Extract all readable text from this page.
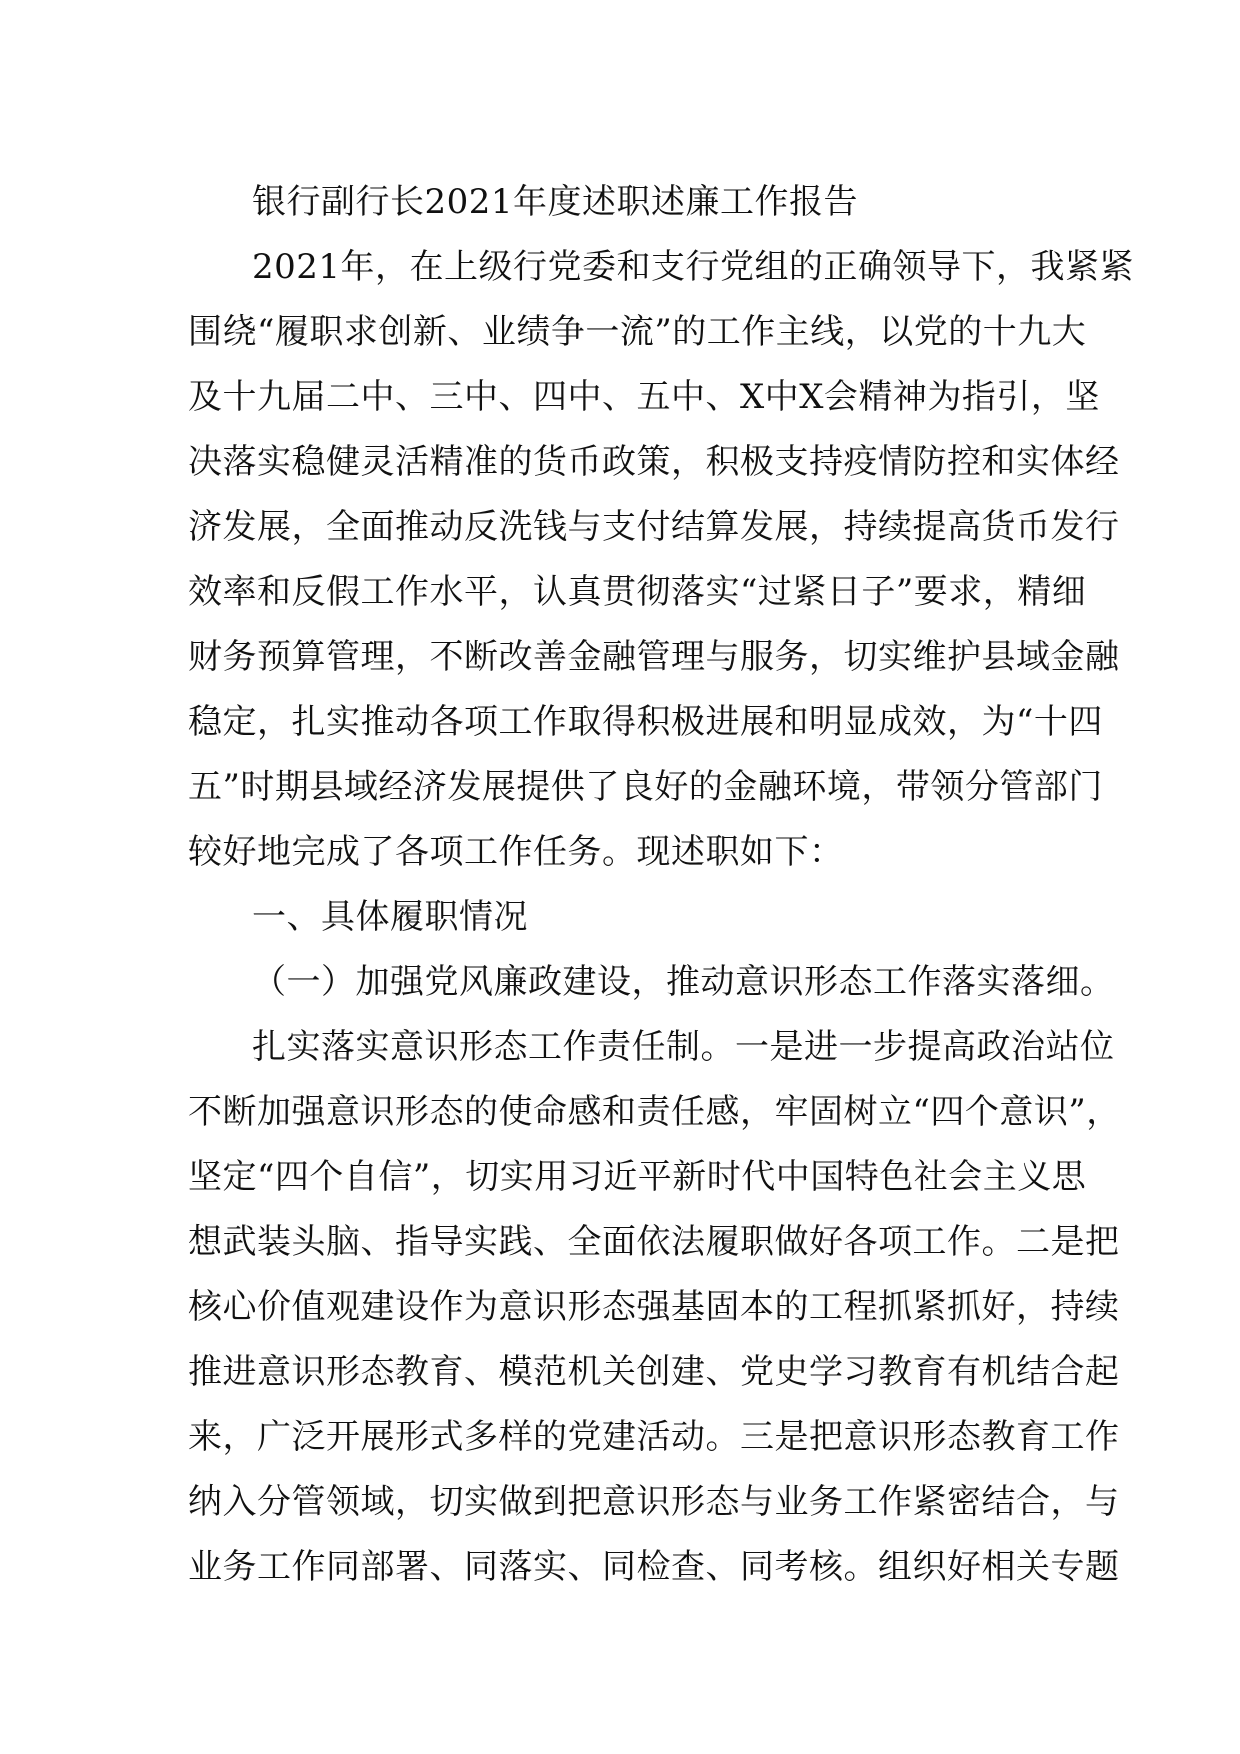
银行副行长2021年度述职述廉工作报告
2021年，在上级行党委和支行党组的正确领导下，我紧紧
围绕“履职求创新、业绩争一流”的工作主线，以党的十九大
及十九届二中、三中、四中、五中、X中X会精神为指引，坚
决落实稳健灵活精准的货币政策，积极支持疫情防控和实体经
济发展，全面推动反洗钱与支付结算发展，持续提高货币发行
效率和反假工作水平，认真贯彻落实“过紧日子”要求，精细
财务预算管理，不断改善金融管理与服务，切实维护县域金融
稳定，扎实推动各项工作取得积极进展和明显成效，为“十四
五”时期县域经济发展提供了良好的金融环境，带领分管部门
较好地完成了各项工作任务。现述职如下：
一、具体履职情况
（一）加强党风廉政建设，推动意识形态工作落实落细。
扎实落实意识形态工作责任制。一是进一步提高政治站位
不断加强意识形态的使命感和责任感，牢固树立“四个意识”，
坚定“四个自信”，切实用习近平新时代中国特色社会主义思
想武装头脑、指导实践、全面依法履职做好各项工作。二是把
核心价值观建设作为意识形态强基固本的工程抓紧抓好，持续
推进意识形态教育、模范机关创建、党史学习教育有机结合起
来，广泛开展形式多样的党建活动。三是把意识形态教育工作
纳入分管领域，切实做到把意识形态与业务工作紧密结合，与
业务工作同部署、同落实、同检查、同考核。组织好相关专题
